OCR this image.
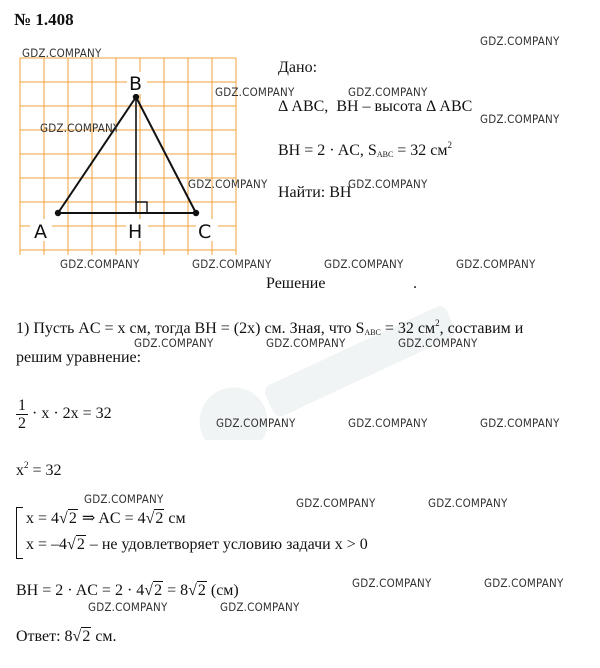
№ 1.408
A	H	C
B
Дано:
Δ ABC, BH – высота Δ ABC
BH = 2 · AC, $S_{ABC} = 32$ $см^2$
Найти: BH
Решение	.
1) Пусть AC = x см, тогда BH = (2x) см. Зная, что $S_{ABC} = 32$ $см^2$, составим и
решим уравнение:
$\frac{1}{2} \cdot x \cdot 2x = 32$
$x^2 = 32$
x = 4√2 ⇒ AC = 4√2 см
x = –4√2 – не удовлетворяет условию задачи x > 0
BH = 2 · AC = 2 · 4√2 = 8√2 (см)
Ответ: 8√2 см.
GDZ.COMPANY
GDZ.COMPANY
GDZ.COMPANY	GDZ.COMPANY
GDZ.COMPANY
GDZ.COMPANY
GDZ.COMPANY	GDZ.COMPANY
GDZ.COMPANY	GDZ.COMPANY	GDZ.COMPANY	GDZ.COMPANY
GDZ.COMPANY	GDZ.COMPANY	GDZ.COMPANY
GDZ.COMPANY	GDZ.COMPANY	GDZ.COMPANY
GDZ.COMPANY	GDZ.COMPANY	GDZ.COMPANY
GDZ.COMPANY	GDZ.COMPANY
GDZ.COMPANY	GDZ.COMPANY
